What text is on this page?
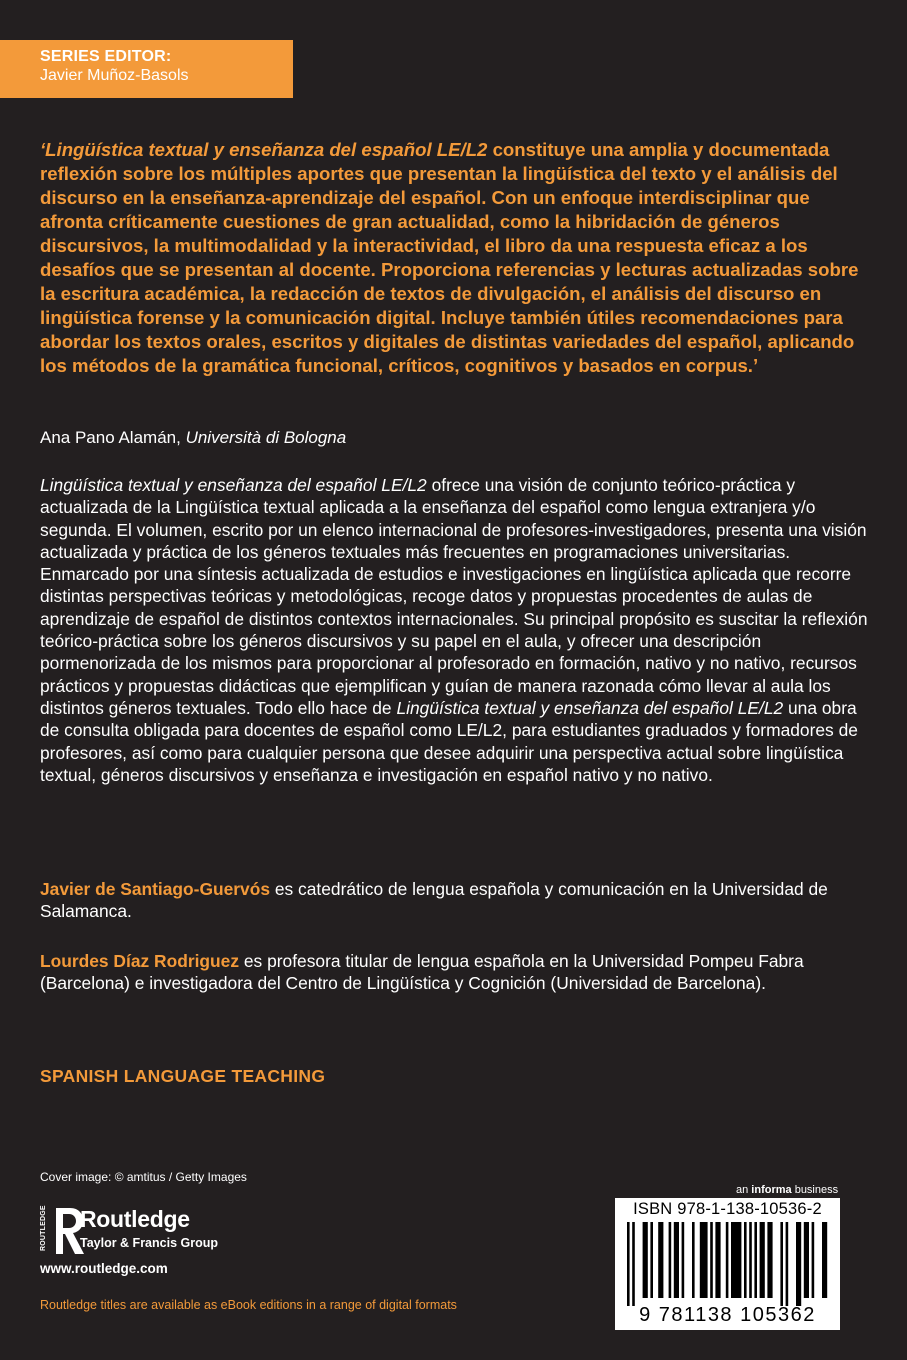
SERIES EDITOR:
Javier Muñoz-Basols

‘Lingüística textual y enseñanza del español LE/L2 constituye una amplia y documentada reflexión sobre los múltiples aportes que presentan la lingüística del texto y el análisis del discurso en la enseñanza-aprendizaje del español. Con un enfoque interdisciplinar que afronta críticamente cuestiones de gran actualidad, como la hibridación de géneros discursivos, la multimodalidad y la interactividad, el libro da una respuesta eficaz a los desafíos que se presentan al docente. Proporciona referencias y lecturas actualizadas sobre la escritura académica, la redacción de textos de divulgación, el análisis del discurso en lingüística forense y la comunicación digital. Incluye también útiles recomendaciones para abordar los textos orales, escritos y digitales de distintas variedades del español, aplicando los métodos de la gramática funcional, críticos, cognitivos y basados en corpus.’

Ana Pano Alamán, Università di Bologna

Lingüística textual y enseñanza del español LE/L2 ofrece una visión de conjunto teórico-práctica y actualizada de la Lingüística textual aplicada a la enseñanza del español como lengua extranjera y/o segunda. El volumen, escrito por un elenco internacional de profesores-investigadores, presenta una visión actualizada y práctica de los géneros textuales más frecuentes en programaciones universitarias. Enmarcado por una síntesis actualizada de estudios e investigaciones en lingüística aplicada que recorre distintas perspectivas teóricas y metodológicas, recoge datos y propuestas procedentes de aulas de aprendizaje de español de distintos contextos internacionales. Su principal propósito es suscitar la reflexión teórico-práctica sobre los géneros discursivos y su papel en el aula, y ofrecer una descripción pormenorizada de los mismos para proporcionar al profesorado en formación, nativo y no nativo, recursos prácticos y propuestas didácticas que ejemplifican y guían de manera razonada cómo llevar al aula los distintos géneros textuales. Todo ello hace de Lingüística textual y enseñanza del español LE/L2 una obra de consulta obligada para docentes de español como LE/L2, para estudiantes graduados y formadores de profesores, así como para cualquier persona que desee adquirir una perspectiva actual sobre lingüística textual, géneros discursivos y enseñanza e investigación en español nativo y no nativo.

Javier de Santiago-Guervós es catedrático de lengua española y comunicación en la Universidad de Salamanca.

Lourdes Díaz Rodriguez es profesora titular de lengua española en la Universidad Pompeu Fabra (Barcelona) e investigadora del Centro de Lingüística y Cognición (Universidad de Barcelona).

SPANISH LANGUAGE TEACHING
Cover image: © amtitus / Getty Images
ROUTLEDGE Routledge
Taylor & Francis Group
www.routledge.com
Routledge titles are available as eBook editions in a range of digital formats
an informa business
ISBN 978-1-138-10536-2
9 781138 105362
